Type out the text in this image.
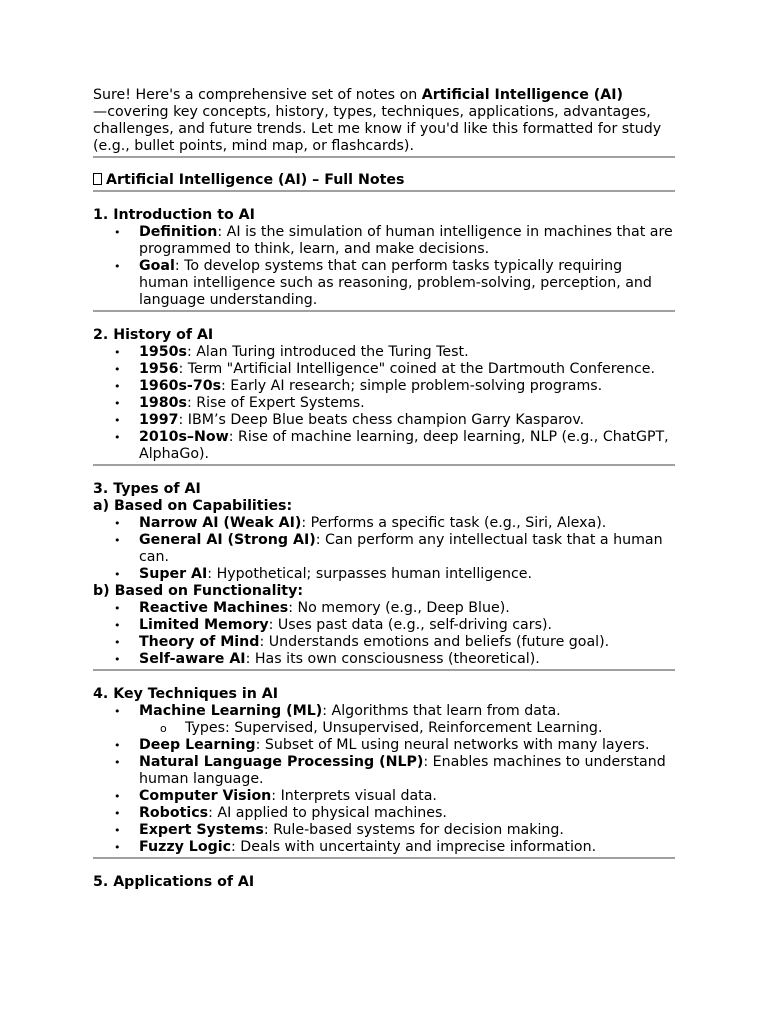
Sure! Here's a comprehensive set of notes on Artificial Intelligence (AI)
—covering key concepts, history, types, techniques, applications, advantages, challenges, and future trends. Let me know if you'd like this formatted for study (e.g., bullet points, mind map, or flashcards).

Artificial Intelligence (AI) – Full Notes
1. Introduction to AI
• Definition: AI is the simulation of human intelligence in machines that are programmed to think, learn, and make decisions.
• Goal: To develop systems that can perform tasks typically requiring human intelligence such as reasoning, problem-solving, perception, and language understanding.
2. History of AI
• 1950s: Alan Turing introduced the Turing Test.
• 1956: Term "Artificial Intelligence" coined at the Dartmouth Conference.
• 1960s-70s: Early AI research; simple problem-solving programs.
• 1980s: Rise of Expert Systems.
• 1997: IBM’s Deep Blue beats chess champion Garry Kasparov.
• 2010s–Now: Rise of machine learning, deep learning, NLP (e.g., ChatGPT, AlphaGo).
3. Types of AI
a) Based on Capabilities:
• Narrow AI (Weak AI): Performs a specific task (e.g., Siri, Alexa).
• General AI (Strong AI): Can perform any intellectual task that a human can.
• Super AI: Hypothetical; surpasses human intelligence.
b) Based on Functionality:
• Reactive Machines: No memory (e.g., Deep Blue).
• Limited Memory: Uses past data (e.g., self-driving cars).
• Theory of Mind: Understands emotions and beliefs (future goal).
• Self-aware AI: Has its own consciousness (theoretical).
4. Key Techniques in AI
• Machine Learning (ML): Algorithms that learn from data.
o Types: Supervised, Unsupervised, Reinforcement Learning.
• Deep Learning: Subset of ML using neural networks with many layers.
• Natural Language Processing (NLP): Enables machines to understand human language.
• Computer Vision: Interprets visual data.
• Robotics: AI applied to physical machines.
• Expert Systems: Rule-based systems for decision making.
• Fuzzy Logic: Deals with uncertainty and imprecise information.
5. Applications of AI
